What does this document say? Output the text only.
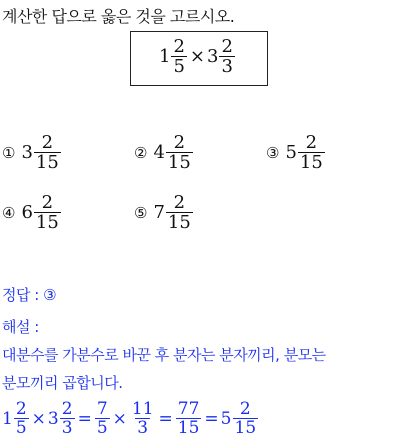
계산한 답으로 옳은 것을 고르시오.
$1 \frac{2}{5} \times 3 \frac{2}{3}$
① $3 \frac{2}{15}$	② $4 \frac{2}{15}$	③ $5 \frac{2}{15}$
④ $6 \frac{2}{15}$	⑤ $7 \frac{2}{15}$
정답 : ③
해설 :
대분수를 가분수로 바꾼 후 분자는 분자끼리, 분모는
분모끼리 곱합니다.
$1 \frac{2}{5} \times 3 \frac{2}{3} = \frac{7}{5} \times \frac{11}{3} = \frac{77}{15} = 5 \frac{2}{15}$
